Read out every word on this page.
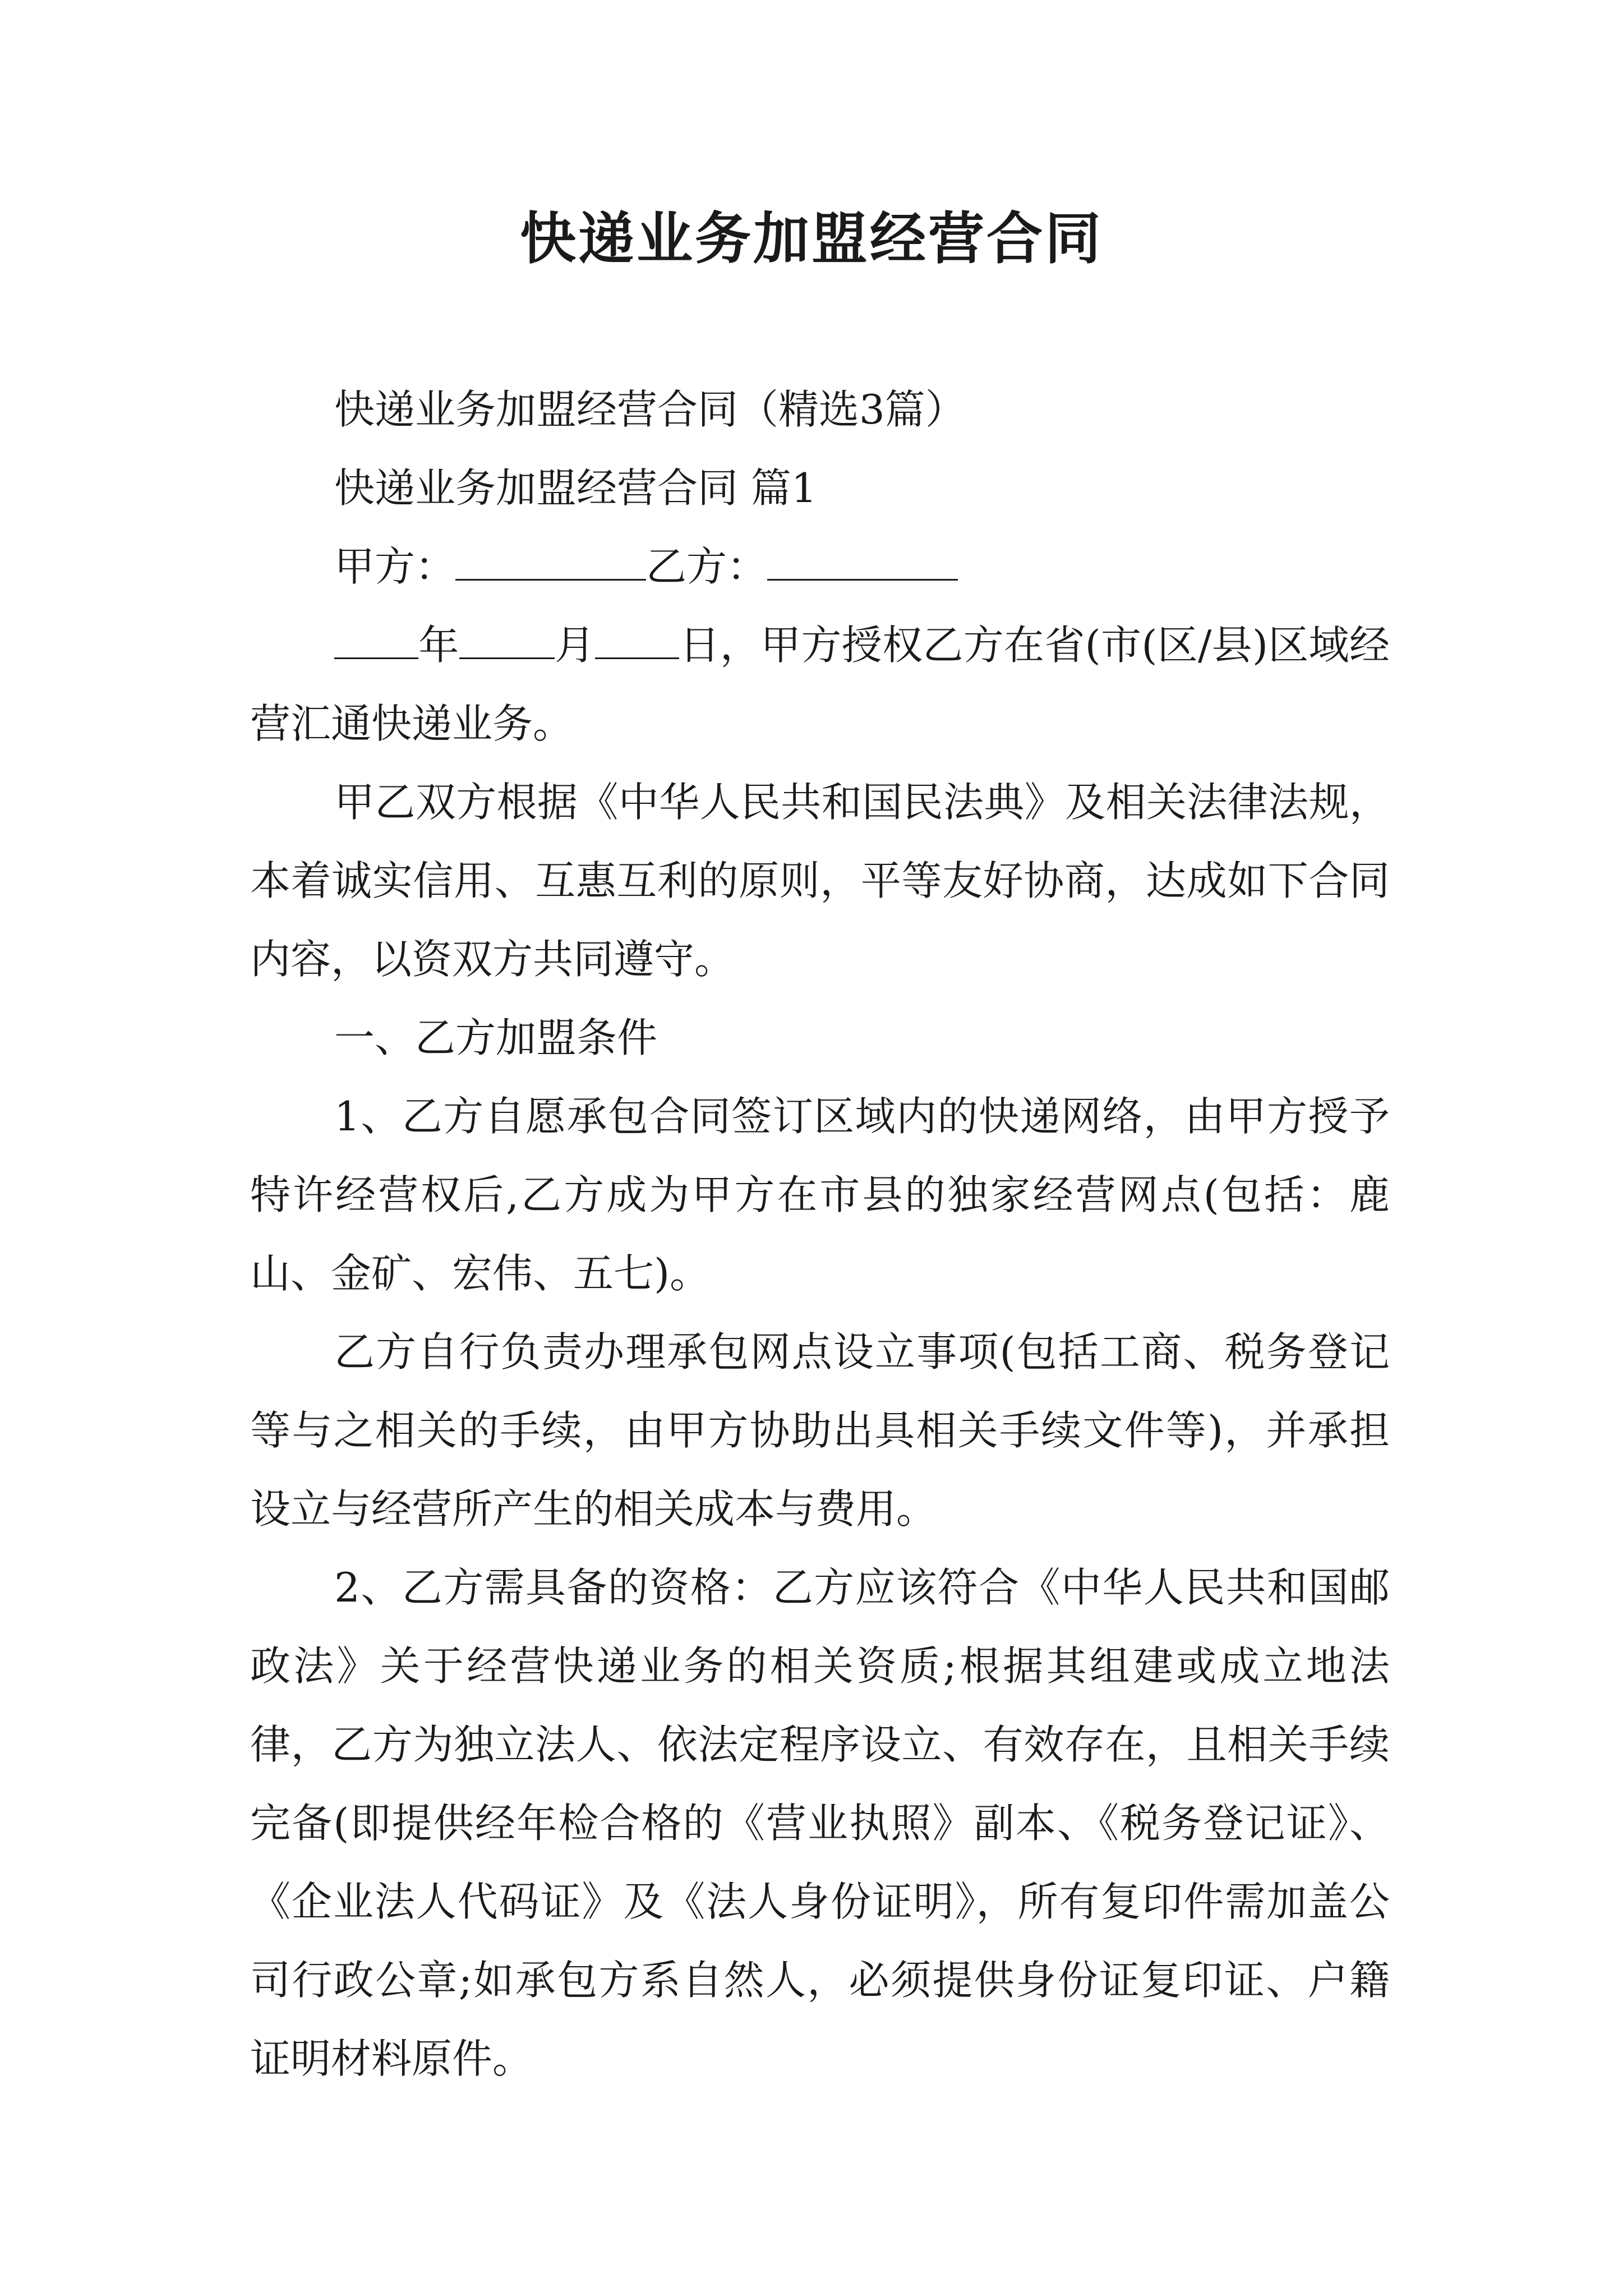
快递业务加盟经营合同

快递业务加盟经营合同（精选3篇）

快递业务加盟经营合同 篇1

甲方：	乙方：

年 月 日，甲方授权乙方在省(市(区/县)区域经营汇通快递业务。

甲乙双方根据《中华人民共和国民法典》及相关法律法规，本着诚实信用、互惠互利的原则，平等友好协商，达成如下合同内容，以资双方共同遵守。

一、乙方加盟条件

1、乙方自愿承包合同签订区域内的快递网络，由甲方授予特许经营权后,乙方成为甲方在市县的独家经营网点(包括：鹿山、金矿、宏伟、五七)。

乙方自行负责办理承包网点设立事项(包括工商、税务登记等与之相关的手续，由甲方协助出具相关手续文件等)，并承担设立与经营所产生的相关成本与费用。

2、乙方需具备的资格：乙方应该符合《中华人民共和国邮政法》关于经营快递业务的相关资质;根据其组建或成立地法律，乙方为独立法人、依法定程序设立、有效存在，且相关手续完备(即提供经年检合格的《营业执照》副本、《税务登记证》、《企业法人代码证》及《法人身份证明》，所有复印件需加盖公司行政公章;如承包方系自然人，必须提供身份证复印证、户籍证明材料原件。
